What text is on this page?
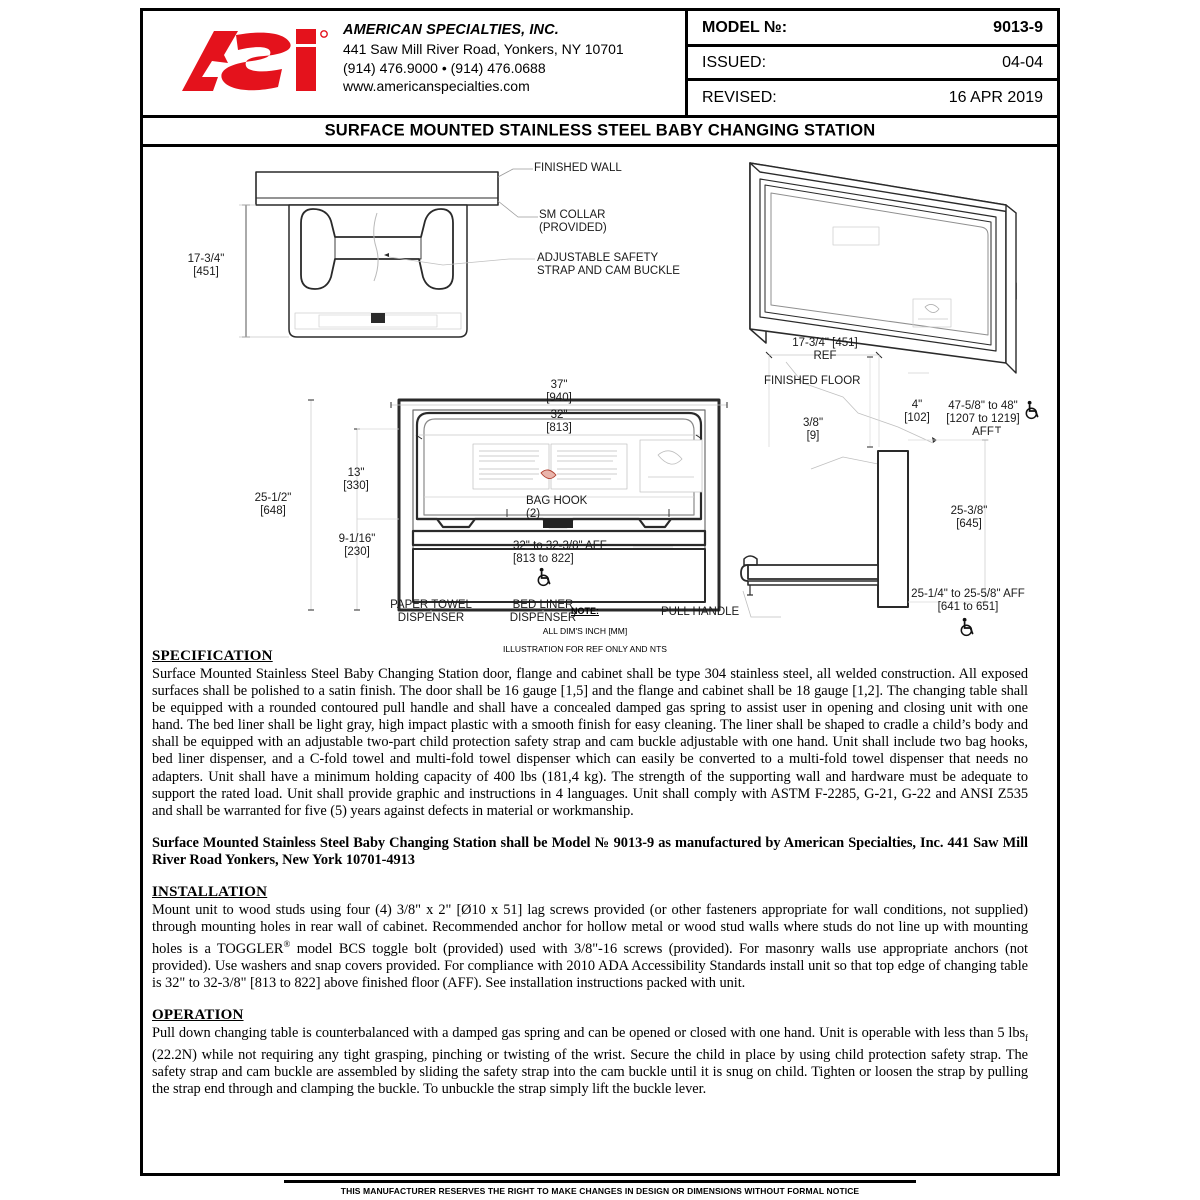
AMERICAN SPECIALTIES, INC.
441 Saw Mill River Road, Yonkers, NY 10701
(914) 476.9000 • (914) 476.0688
www.americanspecialties.com
MODEL №:	9013-9
ISSUED:	04-04
REVISED:	16 APR 2019
SURFACE MOUNTED STAINLESS STEEL BABY CHANGING STATION
FINISHED WALL
SM COLLAR
(PROVIDED)
ADJUSTABLE SAFETY
STRAP AND CAM BUCKLE
17-3/4"
[451]
37"
[940]
32"
[813]
25-1/2"
[648]
13"
[330]
9-1/16"
[230]
PAPER TOWEL
DISPENSER
BED LINER
DISPENSER
17-3/4" [451]
REF
BAG HOOK
(2)
32" to 32-3/8" AFF
[813 to 822]
NOTE:
ALL DIM'S INCH [MM]
ILLUSTRATION FOR REF ONLY AND NTS
3/8"
[9]
4"
[102]
FINISHED FLOOR
PULL HANDLE
47-5/8" to 48"
[1207 to 1219]
AFF
25-3/8"
[645]
25-1/4" to 25-5/8" AFF
[641 to 651]
SPECIFICATION

Surface Mounted Stainless Steel Baby Changing Station door, flange and cabinet shall be type 304 stainless steel, all welded construction. All exposed surfaces shall be polished to a satin finish. The door shall be 16 gauge [1,5] and the flange and cabinet shall be 18 gauge [1,2]. The changing table shall be equipped with a rounded contoured pull handle and shall have a concealed damped gas spring to assist user in opening and closing unit with one hand. The bed liner shall be light gray, high impact plastic with a smooth finish for easy cleaning. The liner shall be shaped to cradle a child’s body and shall be equipped with an adjustable two-part child protection safety strap and cam buckle adjustable with one hand. Unit shall include two bag hooks, bed liner dispenser, and a C-fold towel and multi-fold towel dispenser which can easily be converted to a multi-fold towel dispenser that needs no adapters. Unit shall have a minimum holding capacity of 400 lbs (181,4 kg). The strength of the supporting wall and hardware must be adequate to support the rated load. Unit shall provide graphic and instructions in 4 languages. Unit shall comply with ASTM F-2285, G-21, G-22 and ANSI Z535 and shall be warranted for five (5) years against defects in material or workmanship.

Surface Mounted Stainless Steel Baby Changing Station shall be Model № 9013-9 as manufactured by American Specialties, Inc. 441 Saw Mill River Road Yonkers, New York 10701-4913

INSTALLATION

Mount unit to wood studs using four (4) 3/8" x 2" [Ø10 x 51] lag screws provided (or other fasteners appropriate for wall conditions, not supplied) through mounting holes in rear wall of cabinet. Recommended anchor for hollow metal or wood stud walls where studs do not line up with mounting holes is a TOGGLER® model BCS toggle bolt (provided) used with 3/8"-16 screws (provided). For masonry walls use appropriate anchors (not provided). Use washers and snap covers provided. For compliance with 2010 ADA Accessibility Standards install unit so that top edge of changing table is 32" to 32-3/8" [813 to 822] above finished floor (AFF). See installation instructions packed with unit.

OPERATION

Pull down changing table is counterbalanced with a damped gas spring and can be opened or closed with one hand. Unit is operable with less than 5 lbs$_f$ (22.2N) while not requiring any tight grasping, pinching or twisting of the wrist. Secure the child in place by using child protection safety strap. The safety strap and cam buckle are assembled by sliding the safety strap into the cam buckle until it is snug on child. Tighten or loosen the strap by pulling the strap end through and clamping the buckle. To unbuckle the strap simply lift the buckle lever.

THIS MANUFACTURER RESERVES THE RIGHT TO MAKE CHANGES IN DESIGN OR DIMENSIONS WITHOUT FORMAL NOTICE
